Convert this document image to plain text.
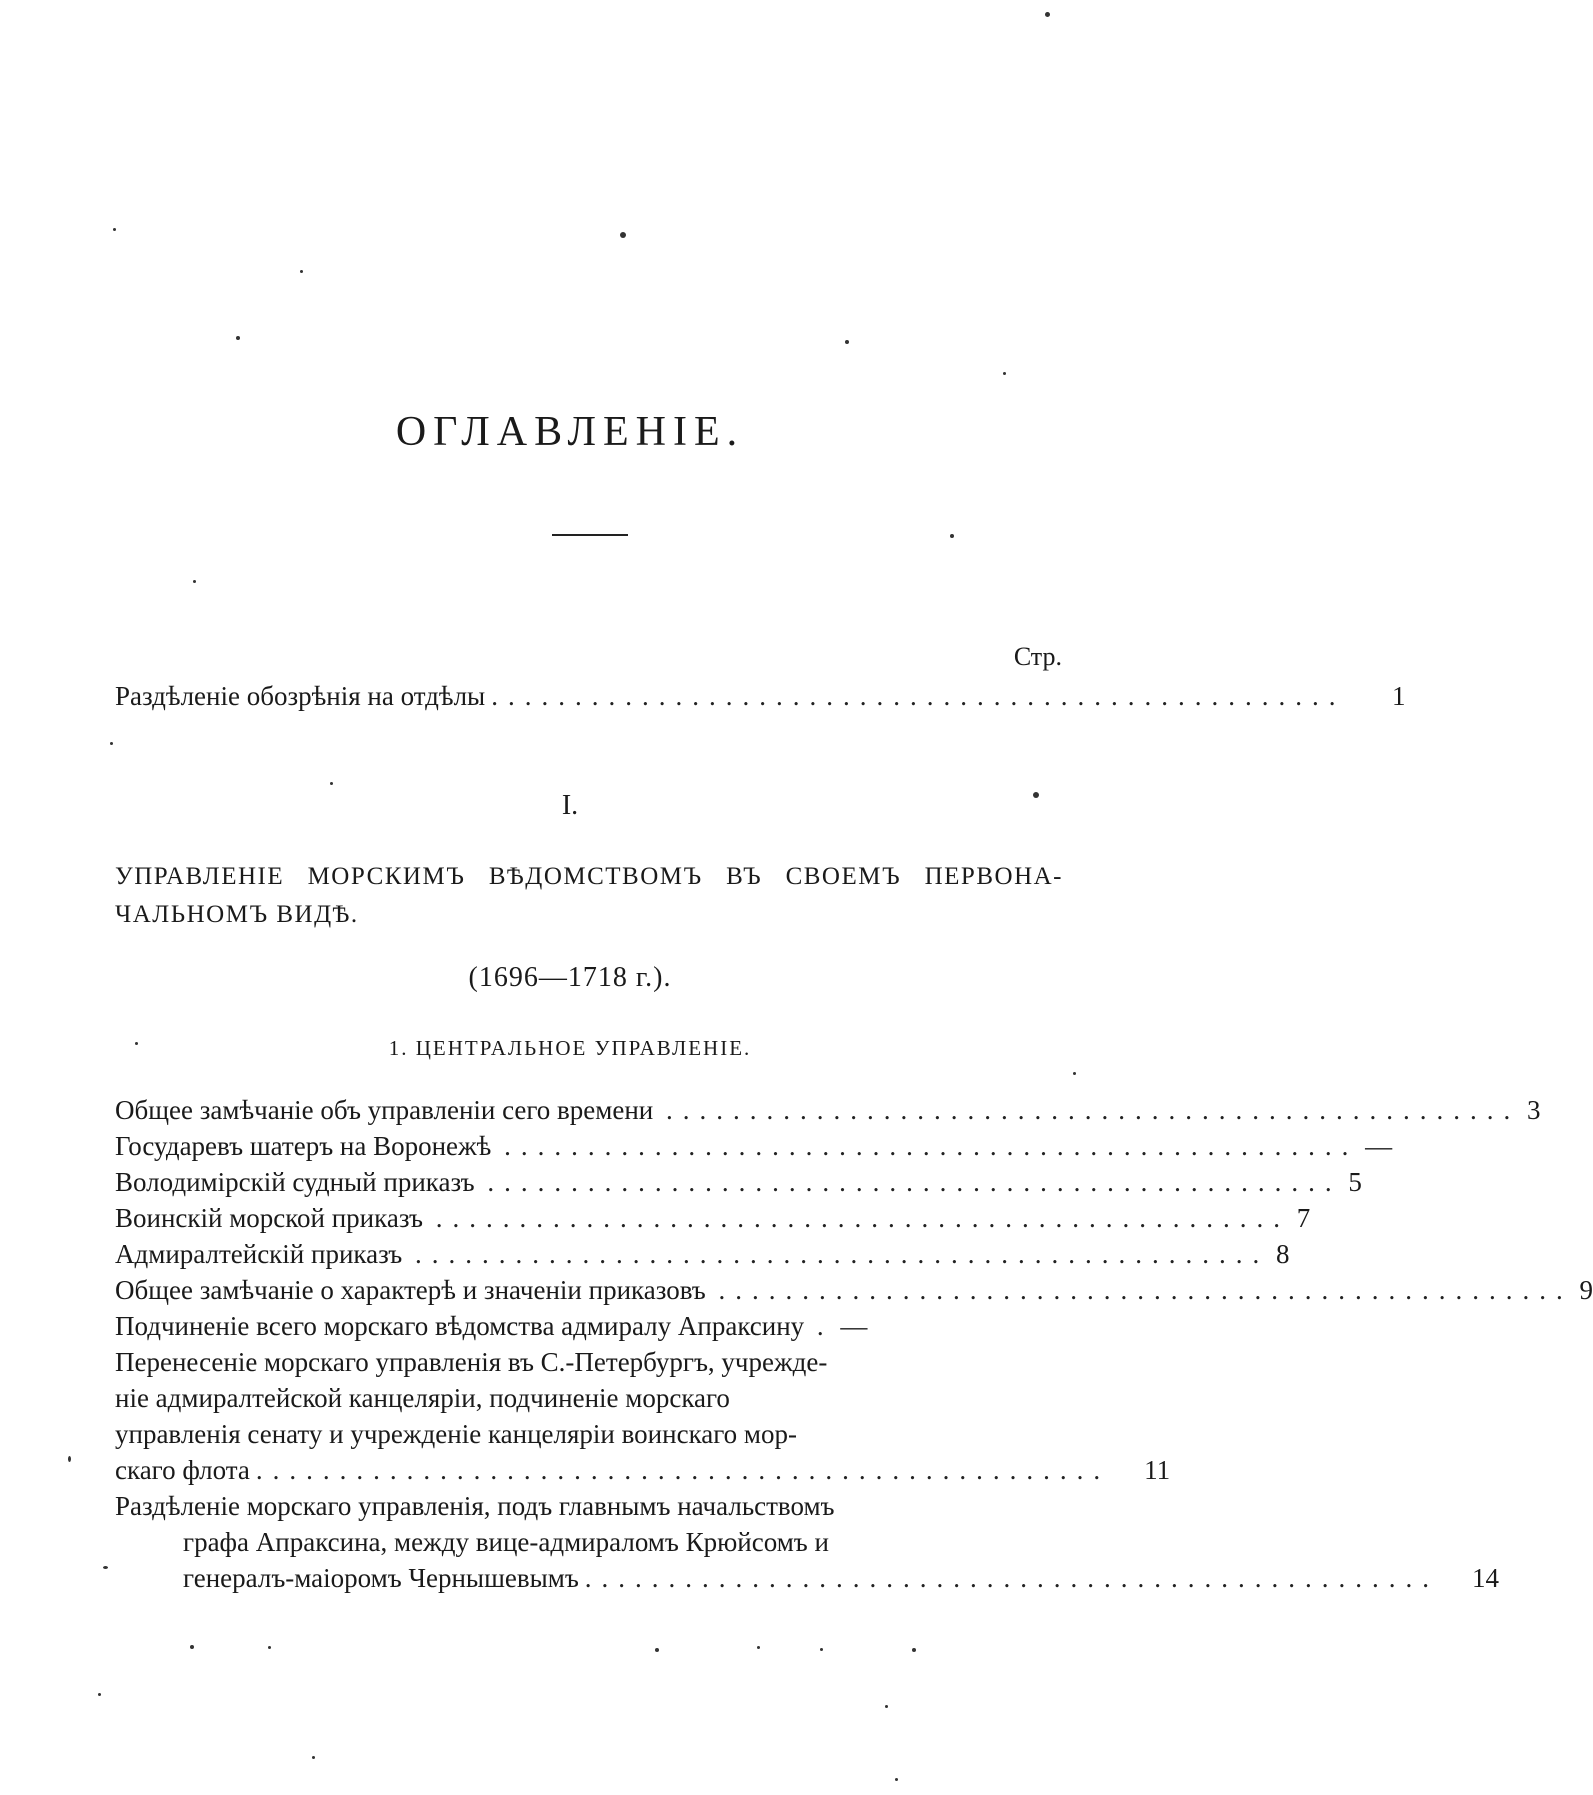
ОГЛАВЛЕНІЕ.
Стр.
Раздѣленіе обозрѣнія на отдѣлы ...................................................	1
I.
УПРАВЛЕНІЕ МОРСКИМЪ ВѢДОМСТВОМЪ ВЪ СВОЕМЪ ПЕРВОНА-ЧАЛЬНОМЪ ВИДѢ.
(1696—1718 г.).
1. ЦЕНТРАЛЬНОЕ УПРАВЛЕНІЕ.
Общее замѣчаніе объ управленіи сего времени ................................................... 3
Государевъ шатеръ на Воронежѣ ................................................... —
Володимірскій судный приказъ ................................................... 5
Воинскій морской приказъ ................................................... 7
Адмиралтейскій приказъ ................................................... 8
Общее замѣчаніе о характерѣ и значеніи приказовъ ................................................... 9
Подчиненіе всего морскаго вѣдомства адмиралу Апраксину . —
Перенесеніе морскаго управленія въ С.-Петербургъ, учрежде-
ніе адмиралтейской канцеляріи, подчиненіе морскаго
управленія сенату и учрежденіе канцеляріи воинскаго мор-
скаго флота ...................................................	11
Раздѣленіе морскаго управленія, подъ главнымъ начальствомъ
графа Апраксина, между вице-адмираломъ Крюйсомъ и
генералъ-маіоромъ Чернышевымъ ...................................................	14
